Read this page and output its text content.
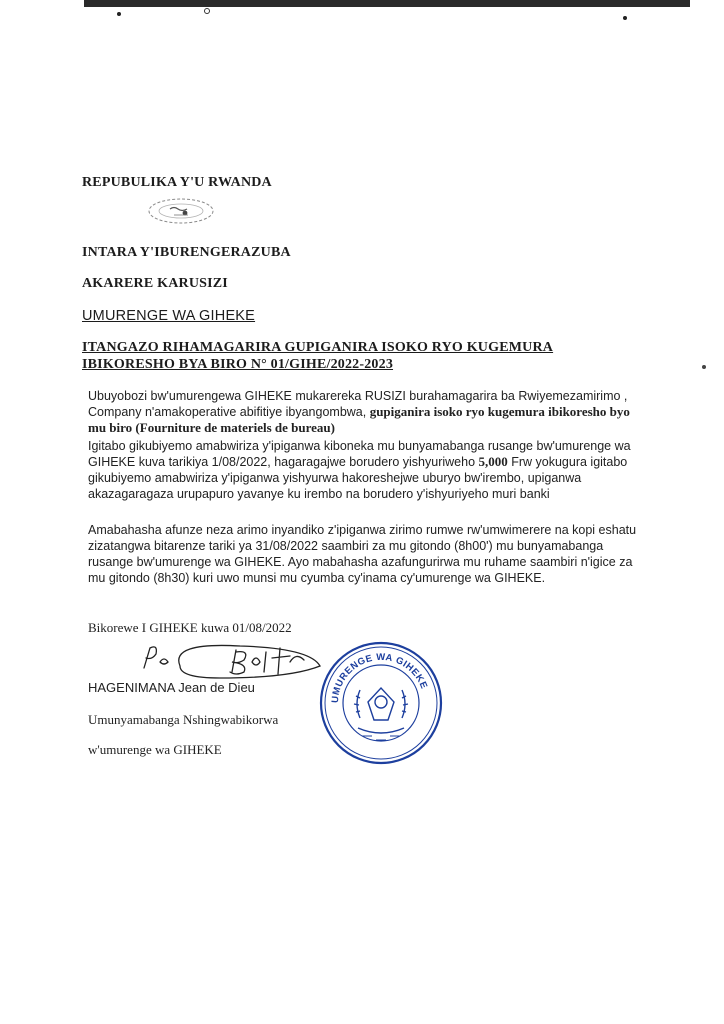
REPUBULIKA Y'U RWANDA
INTARA Y'IBURENGERAZUBA
AKARERE KARUSIZI
UMURENGE WA GIHEKE
ITANGAZO RIHAMAGARIRA GUPIGANIRA ISOKO RYO KUGEMURA IBIKORESHO BYA BIRO N° 01/GIHE/2022-2023
Ubuyobozi bw'umurengewa GIHEKE mukarereka RUSIZI burahamagarira ba Rwiyemezamirimo , Company n'amakoperative abifitiye ibyangombwa, gupiganira isoko ryo kugemura ibikoresho byo mu biro (Fourniture de materiels de bureau)
Igitabo gikubiyemo amabwiriza y'ipiganwa kiboneka mu bunyamabanga rusange bw'umurenge wa GIHEKE kuva tarikiya 1/08/2022, hagaragajwe borudero yishyuriweho 5,000 Frw yokugura igitabo gikubiyemo amabwiriza y'ipiganwa yishyurwa hakoreshejwe uburyo bw'irembo, upiganwa akazagaragaza urupapuro yavanye ku irembo na borudero y'ishyuriyeho muri banki
Amabahasha afunze neza arimo inyandiko z'ipiganwa zirimo rumwe rw'umwimerere na kopi eshatu zizatangwa bitarenze tariki ya 31/08/2022 saambiri za mu gitondo (8h00') mu bunyamabanga rusange bw'umurenge wa GIHEKE. Ayo mabahasha azafungurirwa mu ruhame saambiri n'igice za mu gitondo (8h30) kuri uwo munsi mu cyumba cy'inama cy'umurenge wa GIHEKE.
Bikorewe I GIHEKE kuwa 01/08/2022
HAGENIMANA Jean de Dieu
Umunyamabanga Nshingwabikorwa
w'umurenge wa GIHEKE
UMURENGE WA GIHEKE
